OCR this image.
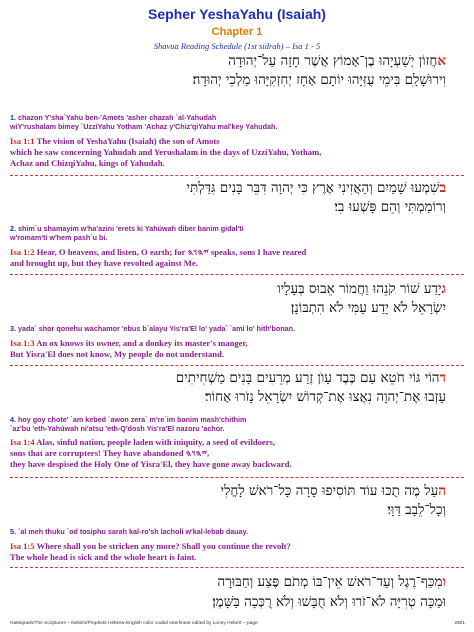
Sepher YeshaYahu (Isaiah)
Chapter 1
Shavua Reading Schedule (1st sidrah) – Isa 1 - 5
אחֲזוֹן יְשַׁעְיָהוּ בֶן־אָמוֹץ אֲשֶׁר חָזָה עַל־יְהוּדָה
וִירוּשָׁלָ‍ִם בִּימֵי עֻזִּיָּהוּ יוֹתָם אָחָז יְחִזְקִיָּהוּ מַלְכֵי יְהוּדָה׃
1. chazon Y'sha`Yahu ben-'Amots 'asher chazah `al-Yahudah
wiY'rushalam bimey `UzziYahu Yotham 'Achaz y'Chiz'qiYahu mal'key Yahudah.
Isa 1:1 The vision of YeshaYahu (Isaiah) the son of Amots
which he saw concerning Yahudah and Yerushalam in the days of UzziYahu, Yotham,
Achaz and ChizqiYahu, kings of Yahudah.
בשִׁמְעוּ שָׁמַיִם וְהַאֲזִינִי אֶרֶץ כִּי יְהוָה דִּבֵּר בָּנִים גִּדַּלְתִּי
וְרוֹמַמְתִּי וְהֵם פָּשְׁעוּ בִי׃
2. shim`u shamayim w'ha'azini 'erets ki Yahúwah diber banim gidal'ti
w'romam'ti w'hem pash`u bi.
Isa 1:2 Hear, O heavens, and listen, O earth; for 𐤉𐤄𐤅𐤄 speaks, sons I have reared
and brought up, but they have revolted against Me.
גיָדַע שׁוֹר קֹנֵהוּ וַחֲמוֹר אֵבוּס בְּעָלָיו
יִשְׂרָאֵל לֹא יָדַע עַמִּי לֹא הִתְבּוֹנָן׃
3. yada` shor qonehu wachamor 'ebus b`alayu Yis'ra'El lo' yada` `ami lo' hith'bonan.
Isa 1:3 An ox knows its owner, and a donkey its master's manger,
But Yisra'El does not know, My people do not understand.
דהוֹי גּוֹי חֹטֵא עַם כֶּבֶד עָוֺן זֶרַע מְרֵעִים בָּנִים מַשְׁחִיתִים
עָזְבוּ אֶת־יְהוָה נִאֲצוּ אֶת־קְדוֹשׁ יִשְׂרָאֵל נָזֹרוּ אָחוֹר׃
4. hoy goy chote' `am kebed `awon zera` m're`im banim mash'chithim
`az'bu 'eth-Yahúwah ni'atsu 'eth-Q'dosh Yis'ra'El nazoru 'achor.
Isa 1:4 Alas, sinful nation, people laden with iniquity, a seed of evildoers,
sons that are corrupters! They have abandoned 𐤉𐤄𐤅𐤄,
they have despised the Holy One of Yisra'El, they have gone away backward.
העַל מֶה תֻכּוּ עוֹד תּוֹסִיפוּ סָרָה כָּל־רֹאשׁ לָחֳלִי
וְכָל־לֵבָב דַּוָּי׃
5. `al meh thuku `od tosiphu sarah kal-ro'sh lacholi w'kal-lebab dauay.
Isa 1:5 Where shall you be stricken any more? Shall you continue the revolt?
The whole head is sick and the whole heart is faint.
ומִכַּף־רֶגֶל וְעַד־רֹאשׁ אֵין־בּוֹ מְתֹם פֶּצַע וְחַבּוּרָה
וּמַכָּה טְרִיָּה לֹא־זֹרוּ וְלֹא חֻבָּשׁוּ וְלֹא רֻכְּכָה בַּשָּׁמֶן׃
HaMiqrash/The Scriptures ~ Nebiim/Prophets Hebrew-English color coded Interlinear edited by Lonny Hebert ~ page	2901
